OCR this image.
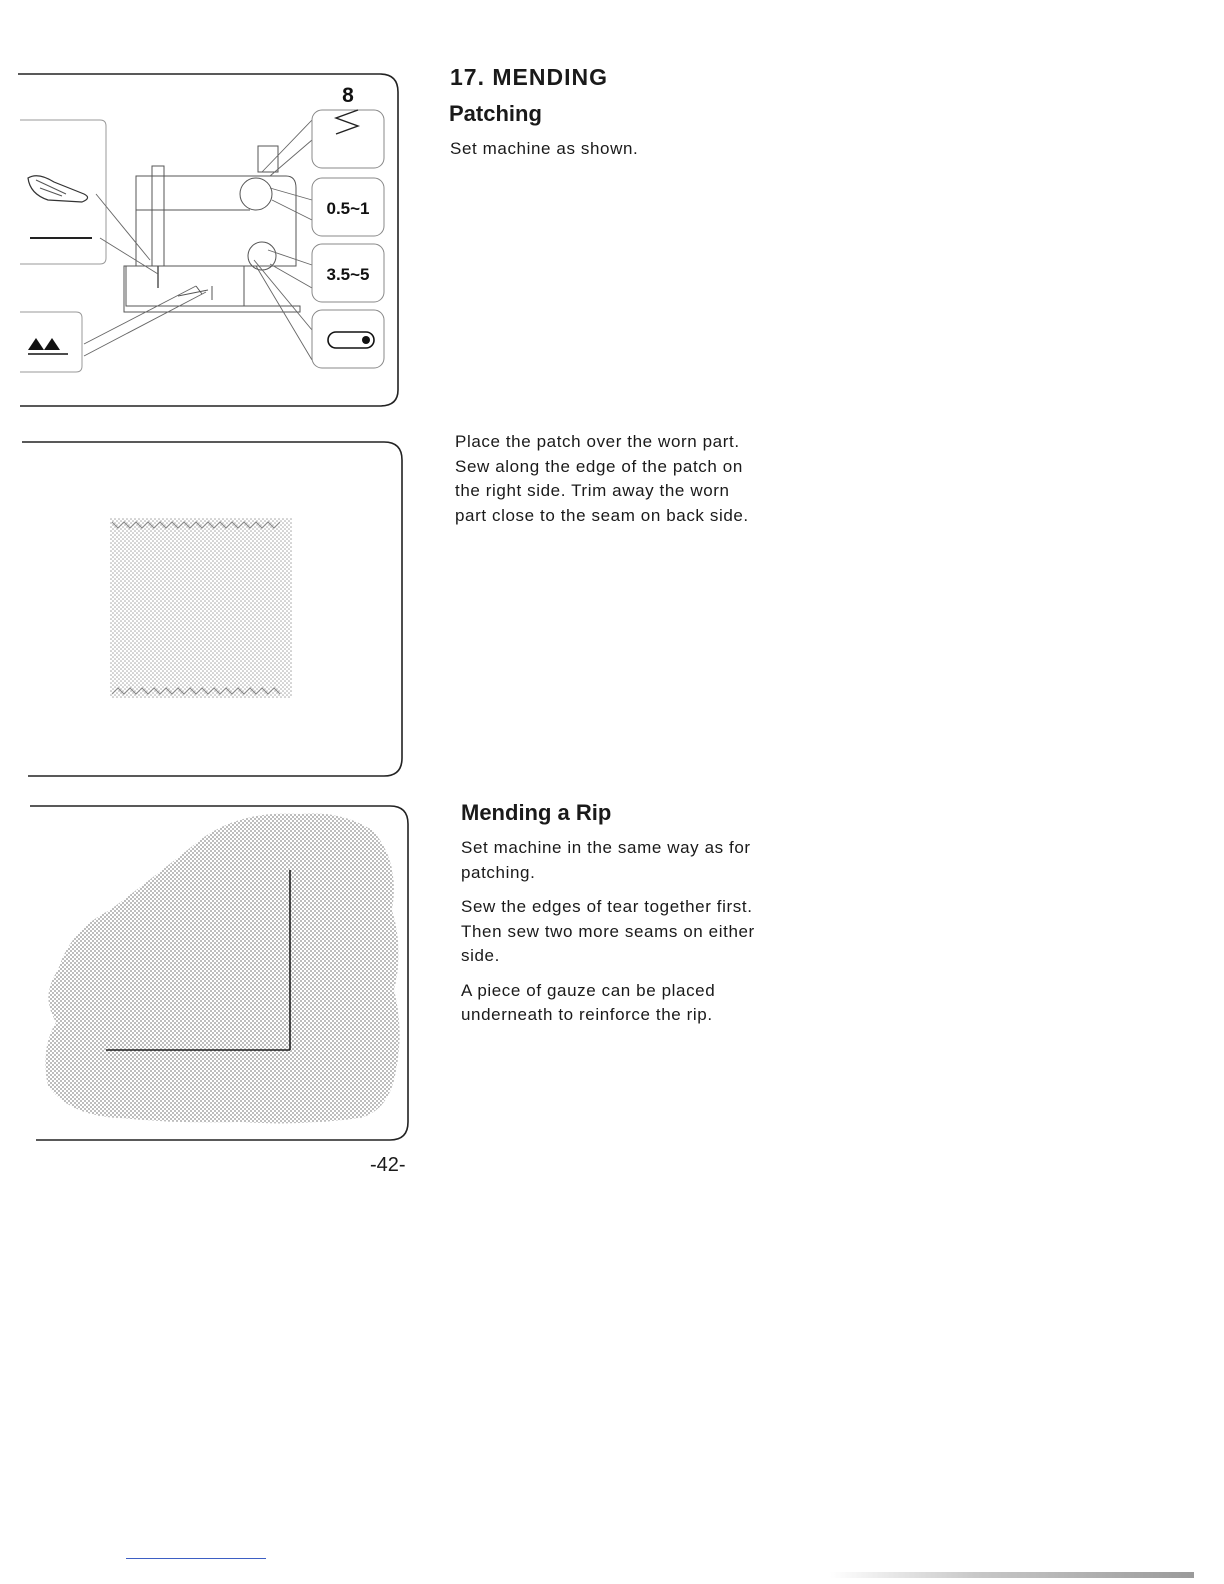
8
0.5~1
3.5~5
17. MENDING
Patching
Set machine as shown.
Place the patch over the worn part.
Sew along the edge of the patch on the right side. Trim away the worn part close to the seam on back side.
Mending a Rip
Set machine in the same way as for patching.
Sew the edges of tear together first.
Then sew two more seams on either side.
A piece of gauze can be placed underneath to reinforce the rip.
-42-
